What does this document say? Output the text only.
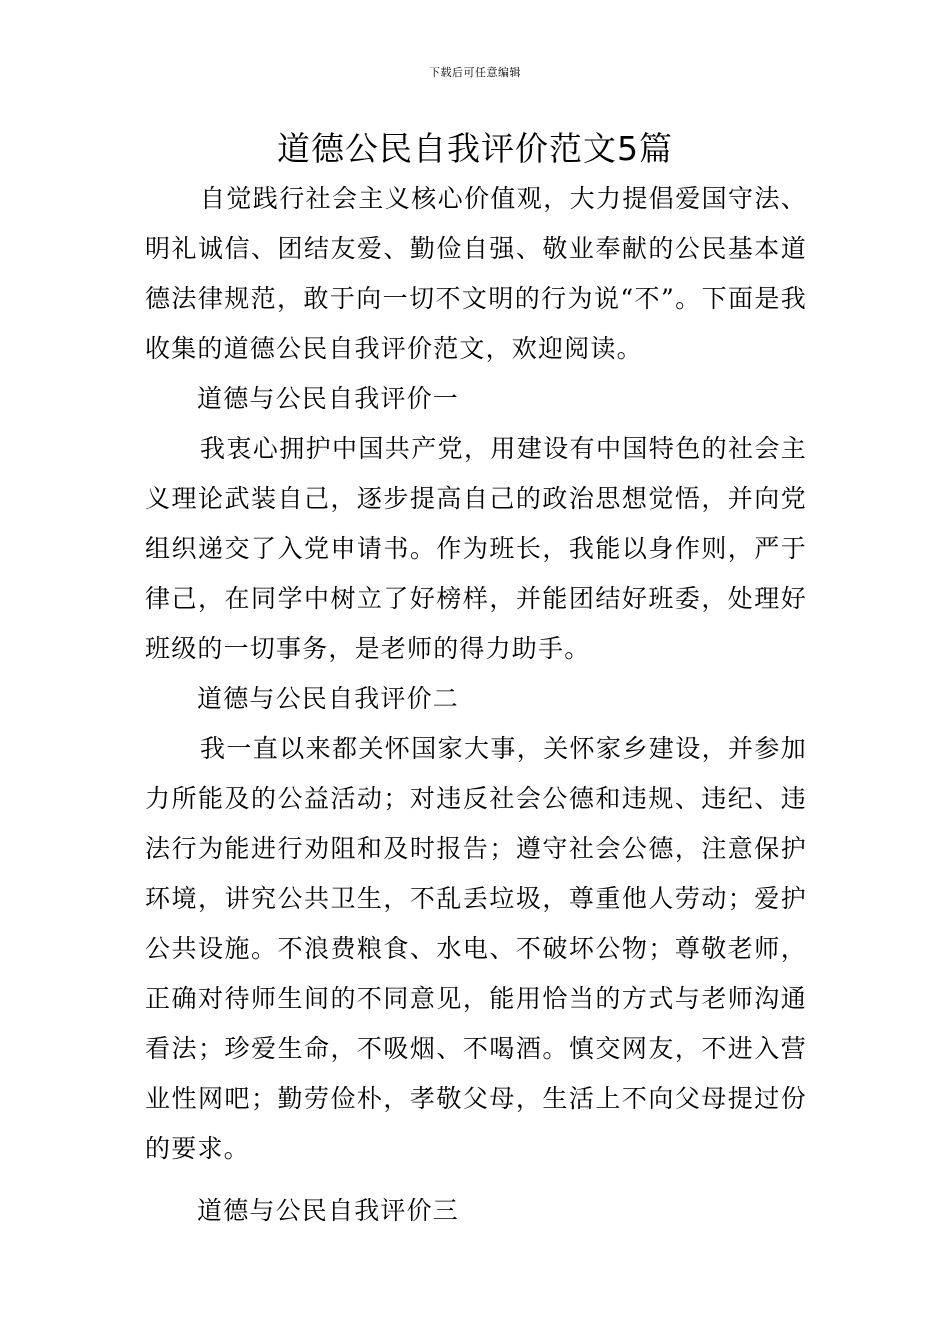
下载后可任意编辑
道德公民自我评价范文5篇

自觉践行社会主义核心价值观，大力提倡爱国守法、明礼诚信、团结友爱、勤俭自强、敬业奉献的公民基本道德法律规范，敢于向一切不文明的行为说“不”。下面是我收集的道德公民自我评价范文，欢迎阅读。

道德与公民自我评价一

我衷心拥护中国共产党，用建设有中国特色的社会主义理论武装自己，逐步提高自己的政治思想觉悟，并向党组织递交了入党申请书。作为班长，我能以身作则，严于律己，在同学中树立了好榜样，并能团结好班委，处理好班级的一切事务，是老师的得力助手。

道德与公民自我评价二

我一直以来都关怀国家大事，关怀家乡建设，并参加力所能及的公益活动；对违反社会公德和违规、违纪、违法行为能进行劝阻和及时报告；遵守社会公德，注意保护环境，讲究公共卫生，不乱丢垃圾，尊重他人劳动；爱护公共设施。不浪费粮食、水电、不破坏公物；尊敬老师，正确对待师生间的不同意见，能用恰当的方式与老师沟通看法；珍爱生命，不吸烟、不喝酒。慎交网友，不进入营业性网吧；勤劳俭朴，孝敬父母，生活上不向父母提过份的要求。

道德与公民自我评价三
